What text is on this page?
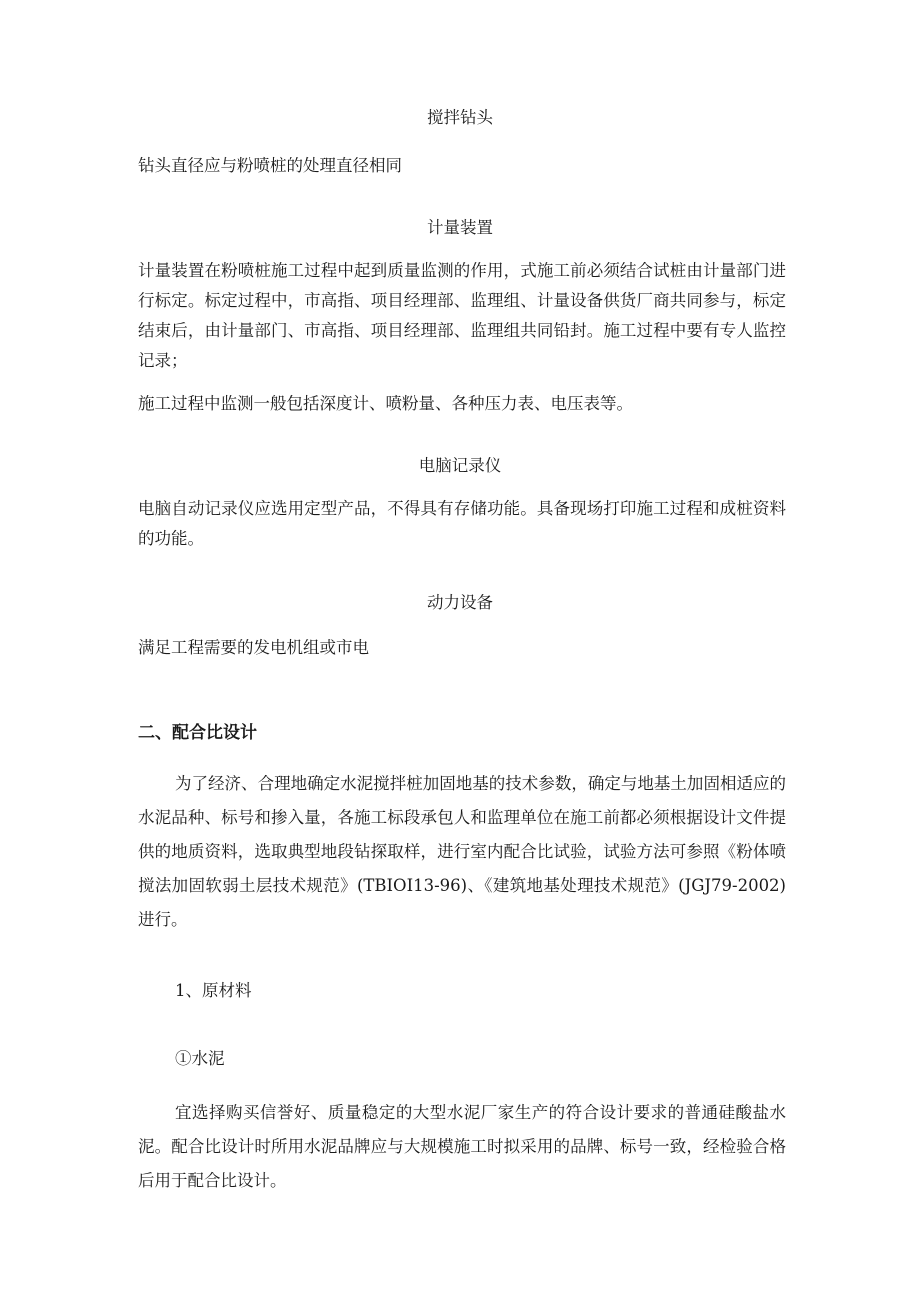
搅拌钻头

钻头直径应与粉喷桩的处理直径相同

计量装置

计量装置在粉喷桩施工过程中起到质量监测的作用，式施工前必须结合试桩由计量部门进行标定。标定过程中，市高指、项目经理部、监理组、计量设备供货厂商共同参与，标定结束后，由计量部门、市高指、项目经理部、监理组共同铅封。施工过程中要有专人监控记录；

施工过程中监测一般包括深度计、喷粉量、各种压力表、电压表等。

电脑记录仪

电脑自动记录仪应选用定型产品，不得具有存储功能。具备现场打印施工过程和成桩资料的功能。

动力设备

满足工程需要的发电机组或市电

二、配合比设计

为了经济、合理地确定水泥搅拌桩加固地基的技术参数，确定与地基土加固相适应的水泥品种、标号和掺入量，各施工标段承包人和监理单位在施工前都必须根据设计文件提供的地质资料，选取典型地段钻探取样，进行室内配合比试验，试验方法可参照《粉体喷搅法加固软弱土层技术规范》(TBIOI13-96)、《建筑地基处理技术规范》(JGJ79-2002)进行。

1、原材料
①水泥

宜选择购买信誉好、质量稳定的大型水泥厂家生产的符合设计要求的普通硅酸盐水泥。配合比设计时所用水泥品牌应与大规模施工时拟采用的品牌、标号一致，经检验合格后用于配合比设计。
